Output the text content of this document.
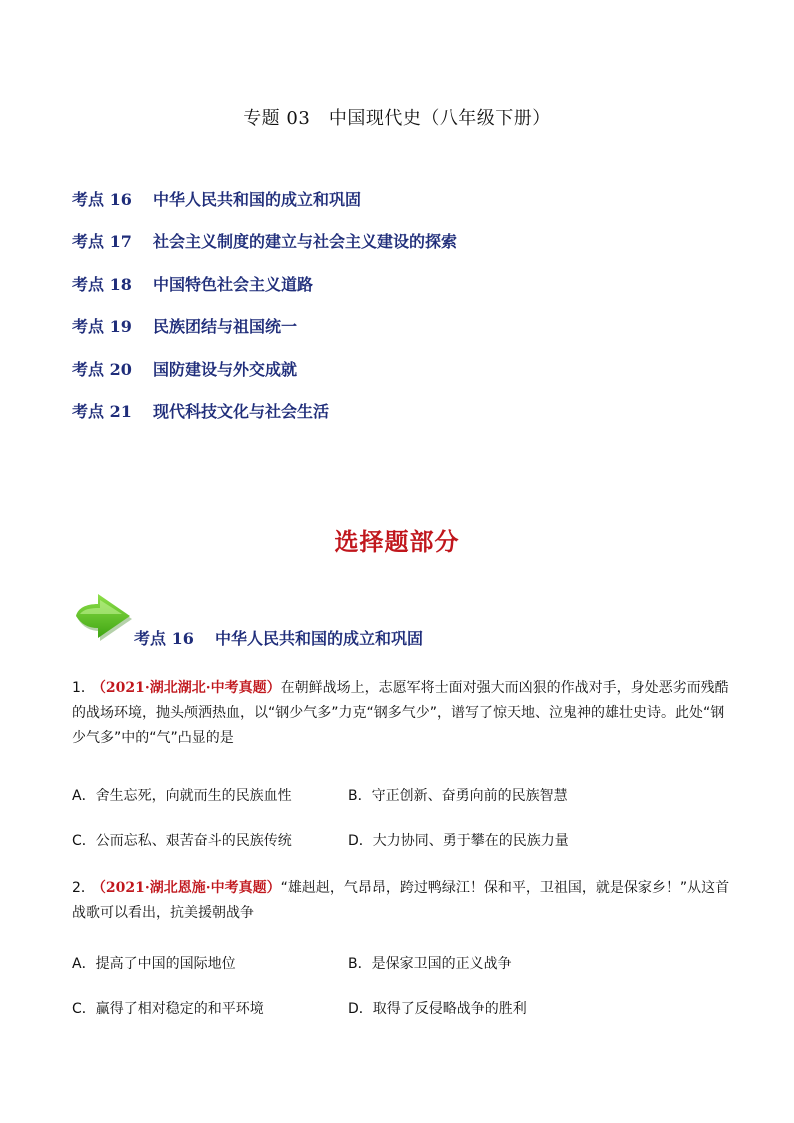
专题 03　中国现代史（八年级下册）
考点 16 中华人民共和国的成立和巩固
考点 17 社会主义制度的建立与社会主义建设的探索
考点 18 中国特色社会主义道路
考点 19 民族团结与祖国统一
考点 20 国防建设与外交成就
考点 21 现代科技文化与社会生活
选择题部分
考点 16 中华人民共和国的成立和巩固
1． （2021·湖北湖北·中考真题）在朝鲜战场上，志愿军将士面对强大而凶狠的作战对手，身处恶劣而残酷的战场环境，抛头颅洒热血，以“钢少气多”力克“钢多气少”，谱写了惊天地、泣鬼神的雄壮史诗。此处“钢少气多”中的“气”凸显的是
A．舍生忘死，向就而生的民族血性	B．守正创新、奋勇向前的民族智慧
C．公而忘私、艰苦奋斗的民族传统	D．大力协同、勇于攀在的民族力量
2． （2021·湖北恩施·中考真题）“雄赳赳，气昂昂，跨过鸭绿江！保和平，卫祖国，就是保家乡！”从这首战歌可以看出，抗美援朝战争
A．提高了中国的国际地位	B．是保家卫国的正义战争
C．赢得了相对稳定的和平环境	D．取得了反侵略战争的胜利
